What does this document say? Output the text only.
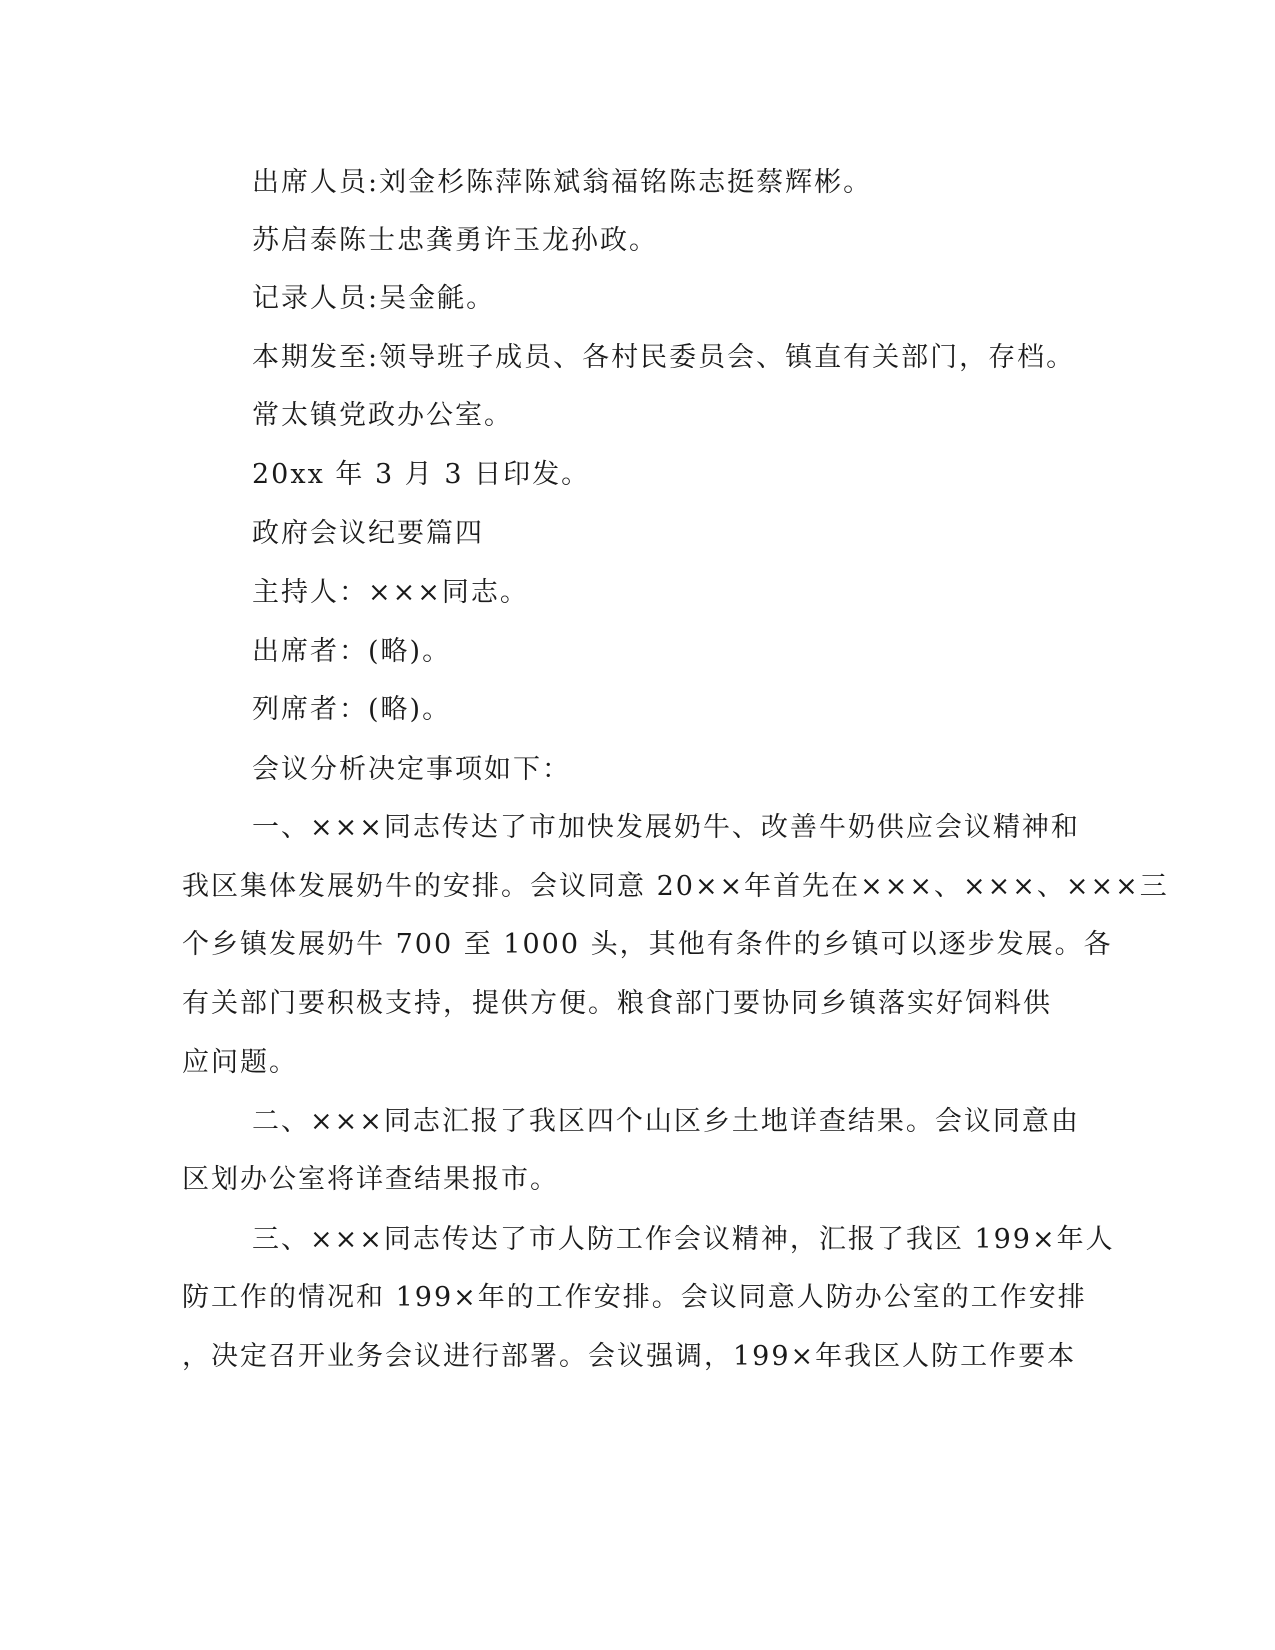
出席人员:刘金杉陈萍陈斌翁福铭陈志挺蔡辉彬。
苏启泰陈士忠龚勇许玉龙孙政。
记录人员:吴金毹。
本期发至:领导班子成员、各村民委员会、镇直有关部门，存档。
常太镇党政办公室。
20xx 年 3 月 3 日印发。
政府会议纪要篇四
主持人：×××同志。
出席者：(略)。
列席者：(略)。
会议分析决定事项如下：
一、×××同志传达了市加快发展奶牛、改善牛奶供应会议精神和
我区集体发展奶牛的安排。会议同意 20××年首先在×××、×××、×××三
个乡镇发展奶牛 700 至 1000 头，其他有条件的乡镇可以逐步发展。各
有关部门要积极支持，提供方便。粮食部门要协同乡镇落实好饲料供
应问题。
二、×××同志汇报了我区四个山区乡土地详查结果。会议同意由
区划办公室将详查结果报市。
三、×××同志传达了市人防工作会议精神，汇报了我区 199×年人
防工作的情况和 199×年的工作安排。会议同意人防办公室的工作安排
，决定召开业务会议进行部署。会议强调，199×年我区人防工作要本
